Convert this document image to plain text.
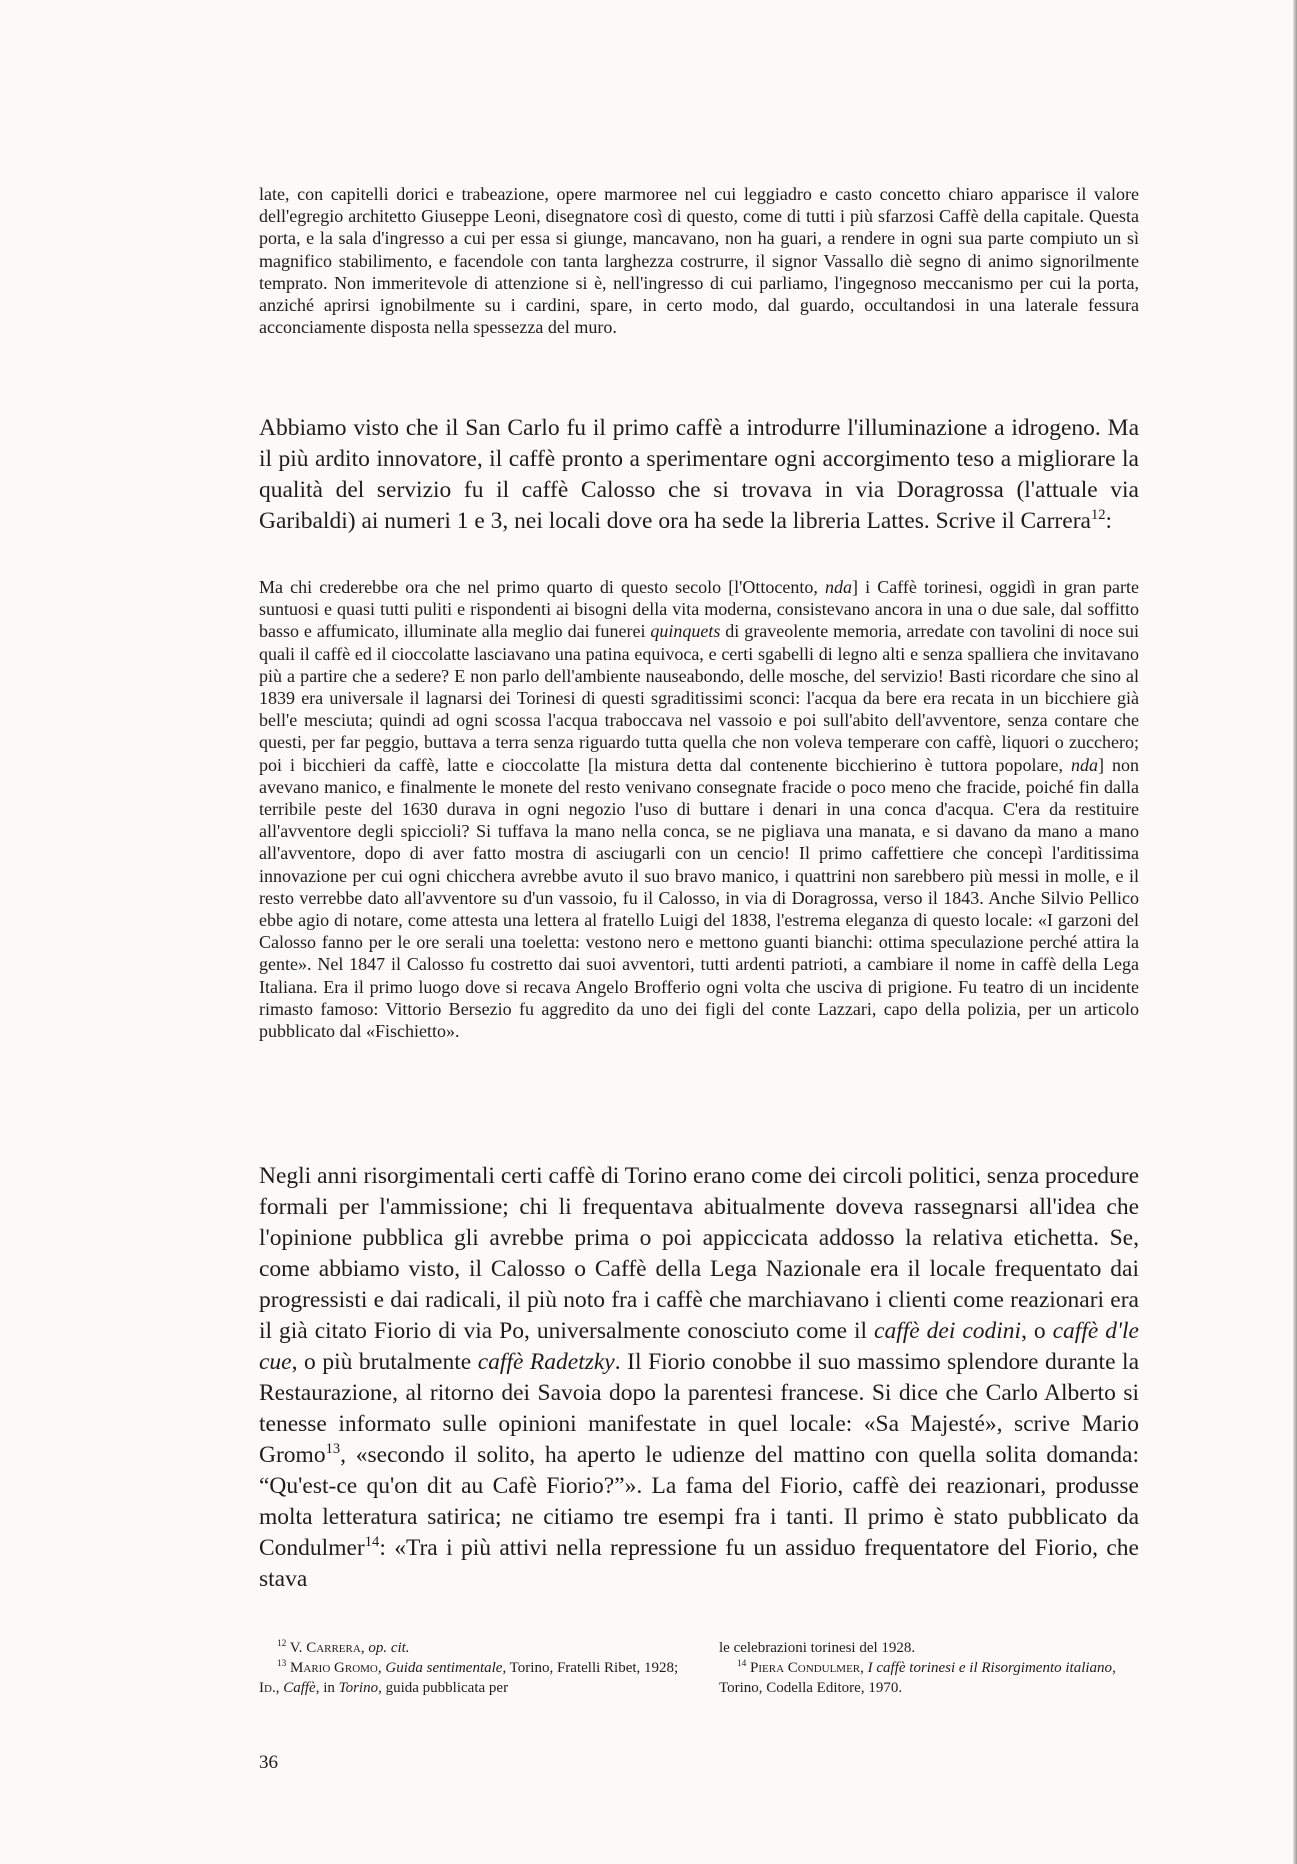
late, con capitelli dorici e trabeazione, opere marmoree nel cui leggiadro e casto concetto chiaro apparisce il valore dell'egregio architetto Giuseppe Leoni, disegnatore così di questo, come di tutti i più sfarzosi Caffè della capitale. Questa porta, e la sala d'ingresso a cui per essa si giunge, mancavano, non ha guari, a rendere in ogni sua parte compiuto un sì magnifico stabilimento, e facendole con tanta larghezza costrurre, il signor Vassallo diè segno di animo signorilmente temprato. Non immeritevole di attenzione si è, nell'ingresso di cui parliamo, l'ingegnoso meccanismo per cui la porta, anziché aprirsi ignobilmente su i cardini, spare, in certo modo, dal guardo, occultandosi in una laterale fessura acconciamente disposta nella spessezza del muro.

Abbiamo visto che il San Carlo fu il primo caffè a introdurre l'illuminazione a idrogeno. Ma il più ardito innovatore, il caffè pronto a sperimentare ogni accorgimento teso a migliorare la qualità del servizio fu il caffè Calosso che si trovava in via Doragrossa (l'attuale via Garibaldi) ai numeri 1 e 3, nei locali dove ora ha sede la libreria Lattes. Scrive il Carrera$^{12}$:

Ma chi crederebbe ora che nel primo quarto di questo secolo [l'Ottocento, nda] i Caffè torinesi, oggidì in gran parte suntuosi e quasi tutti puliti e rispondenti ai bisogni della vita moderna, consistevano ancora in una o due sale, dal soffitto basso e affumicato, illuminate alla meglio dai funerei quinquets di graveolente memoria, arredate con tavolini di noce sui quali il caffè ed il cioccolatte lasciavano una patina equivoca, e certi sgabelli di legno alti e senza spalliera che invitavano più a partire che a sedere? E non parlo dell'ambiente nauseabondo, delle mosche, del servizio! Basti ricordare che sino al 1839 era universale il lagnarsi dei Torinesi di questi sgraditissimi sconci: l'acqua da bere era recata in un bicchiere già bell'e mesciuta; quindi ad ogni scossa l'acqua traboccava nel vassoio e poi sull'abito dell'avventore, senza contare che questi, per far peggio, buttava a terra senza riguardo tutta quella che non voleva temperare con caffè, liquori o zucchero; poi i bicchieri da caffè, latte e cioccolatte [la mistura detta dal contenente bicchierino è tuttora popolare, nda] non avevano manico, e finalmente le monete del resto venivano consegnate fracide o poco meno che fracide, poiché fin dalla terribile peste del 1630 durava in ogni negozio l'uso di buttare i denari in una conca d'acqua. C'era da restituire all'avventore degli spiccioli? Si tuffava la mano nella conca, se ne pigliava una manata, e si davano da mano a mano all'avventore, dopo di aver fatto mostra di asciugarli con un cencio! Il primo caffettiere che concepì l'arditissima innovazione per cui ogni chicchera avrebbe avuto il suo bravo manico, i quattrini non sarebbero più messi in molle, e il resto verrebbe dato all'avventore su d'un vassoio, fu il Calosso, in via di Doragrossa, verso il 1843. Anche Silvio Pellico ebbe agio di notare, come attesta una lettera al fratello Luigi del 1838, l'estrema eleganza di questo locale: «I garzoni del Calosso fanno per le ore serali una toeletta: vestono nero e mettono guanti bianchi: ottima speculazione perché attira la gente». Nel 1847 il Calosso fu costretto dai suoi avventori, tutti ardenti patrioti, a cambiare il nome in caffè della Lega Italiana. Era il primo luogo dove si recava Angelo Brofferio ogni volta che usciva di prigione. Fu teatro di un incidente rimasto famoso: Vittorio Bersezio fu aggredito da uno dei figli del conte Lazzari, capo della polizia, per un articolo pubblicato dal «Fischietto».

Negli anni risorgimentali certi caffè di Torino erano come dei circoli politici, senza procedure formali per l'ammissione; chi li frequentava abitualmente doveva rassegnarsi all'idea che l'opinione pubblica gli avrebbe prima o poi appiccicata addosso la relativa etichetta. Se, come abbiamo visto, il Calosso o Caffè della Lega Nazionale era il locale frequentato dai progressisti e dai radicali, il più noto fra i caffè che marchiavano i clienti come reazionari era il già citato Fiorio di via Po, universalmente conosciuto come il caffè dei codini, o caffè d'le cue, o più brutalmente caffè Radetzky. Il Fiorio conobbe il suo massimo splendore durante la Restaurazione, al ritorno dei Savoia dopo la parentesi francese. Si dice che Carlo Alberto si tenesse informato sulle opinioni manifestate in quel locale: «Sa Majesté», scrive Mario Gromo$^{13}$, «secondo il solito, ha aperto le udienze del mattino con quella solita domanda: “Qu'est-ce qu'on dit au Cafè Fiorio?”». La fama del Fiorio, caffè dei reazionari, produsse molta letteratura satirica; ne citiamo tre esempi fra i tanti. Il primo è stato pubblicato da Condulmer$^{14}$: «Tra i più attivi nella repressione fu un assiduo frequentatore del Fiorio, che stava

$^{12}$ V. Carrera, op. cit.

$^{13}$ Mario Gromo, Guida sentimentale, Torino, Fratelli Ribet, 1928; Id., Caffè, in Torino, guida pubblicata per

le celebrazioni torinesi del 1928.

$^{14}$ Piera Condulmer, I caffè torinesi e il Risorgimento italiano, Torino, Codella Editore, 1970.

36
